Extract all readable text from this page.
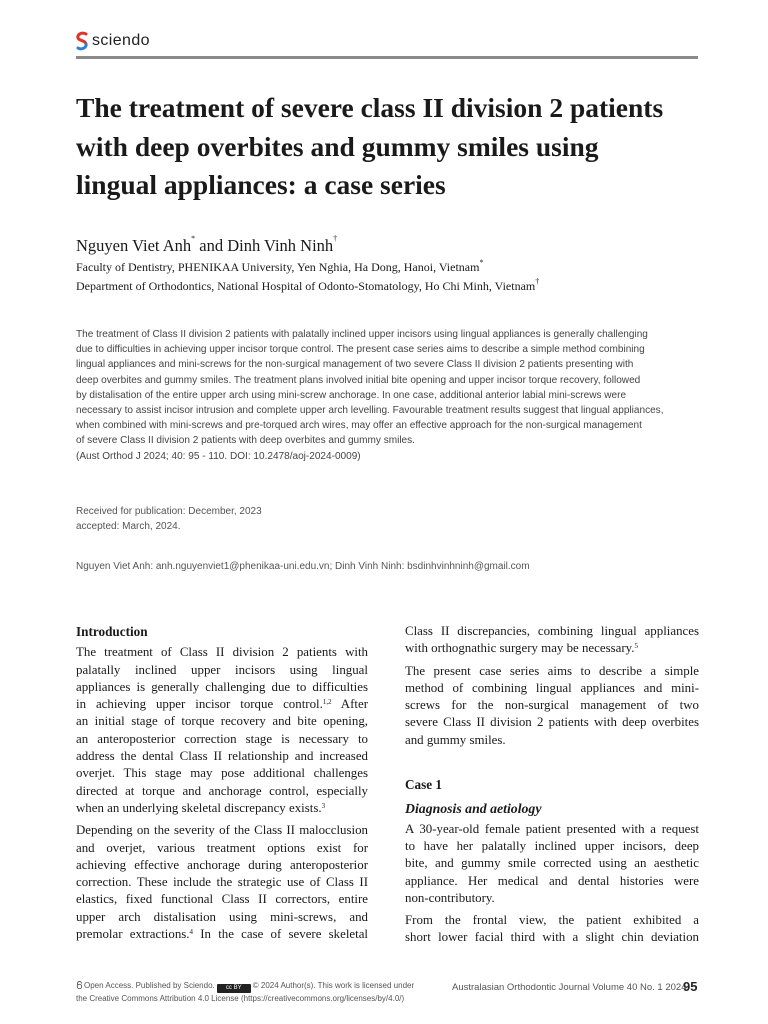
sciendo
The treatment of severe class II division 2 patients
with deep overbites and gummy smiles using
lingual appliances: a case series
Nguyen Viet Anh* and Dinh Vinh Ninh†
Faculty of Dentistry, PHENIKAA University, Yen Nghia, Ha Dong, Hanoi, Vietnam*
Department of Orthodontics, National Hospital of Odonto-Stomatology, Ho Chi Minh, Vietnam†
The treatment of Class II division 2 patients with palatally inclined upper incisors using lingual appliances is generally challenging
due to difficulties in achieving upper incisor torque control. The present case series aims to describe a simple method combining
lingual appliances and mini-screws for the non-surgical management of two severe Class II division 2 patients presenting with
deep overbites and gummy smiles. The treatment plans involved initial bite opening and upper incisor torque recovery, followed
by distalisation of the entire upper arch using mini-screw anchorage. In one case, additional anterior labial mini-screws were
necessary to assist incisor intrusion and complete upper arch levelling. Favourable treatment results suggest that lingual appliances,
when combined with mini-screws and pre-torqued arch wires, may offer an effective approach for the non-surgical management
of severe Class II division 2 patients with deep overbites and gummy smiles.
(Aust Orthod J 2024; 40: 95 - 110. DOI: 10.2478/aoj-2024-0009)
Received for publication: December, 2023
accepted: March, 2024.
Nguyen Viet Anh: anh.nguyenviet1@phenikaa-uni.edu.vn; Dinh Vinh Ninh: bsdinhvinhninh@gmail.com
Introduction
The treatment of Class II division 2 patients with
palatally inclined upper incisors using lingual
appliances is generally challenging due to difficulties
in achieving upper incisor torque control.$^{1,2}$ After
an initial stage of torque recovery and bite opening,
an anteroposterior correction stage is necessary to
address the dental Class II relationship and increased
overjet. This stage may pose additional challenges
directed at torque and anchorage control, especially
when an underlying skeletal discrepancy exists.$^3$
Depending on the severity of the Class II malocclusion
and overjet, various treatment options exist for
achieving effective anchorage during anteroposterior
correction. These include the strategic use of Class II
elastics, fixed functional Class II correctors, entire
upper arch distalisation using mini-screws, and
premolar extractions.$^4$ In the case of severe skeletal
Class II discrepancies, combining lingual appliances
with orthognathic surgery may be necessary.$^5$
The present case series aims to describe a simple
method of combining lingual appliances and mini-
screws for the non-surgical management of two
severe Class II division 2 patients with deep overbites
and gummy smiles.
Case 1
Diagnosis and aetiology
A 30-year-old female patient presented with a request
to have her palatally inclined upper incisors, deep
bite, and gummy smile corrected using an aesthetic
appliance. Her medical and dental histories were
non-contributory.
From the frontal view, the patient exhibited a
short lower facial third with a slight chin deviation
Open Access. Published by Sciendo. cc BY © 2024 Author(s). This work is licensed under
the Creative Commons Attribution 4.0 License (https://creativecommons.org/licenses/by/4.0/)
Australasian Orthodontic Journal Volume 40 No. 1 2024
95
